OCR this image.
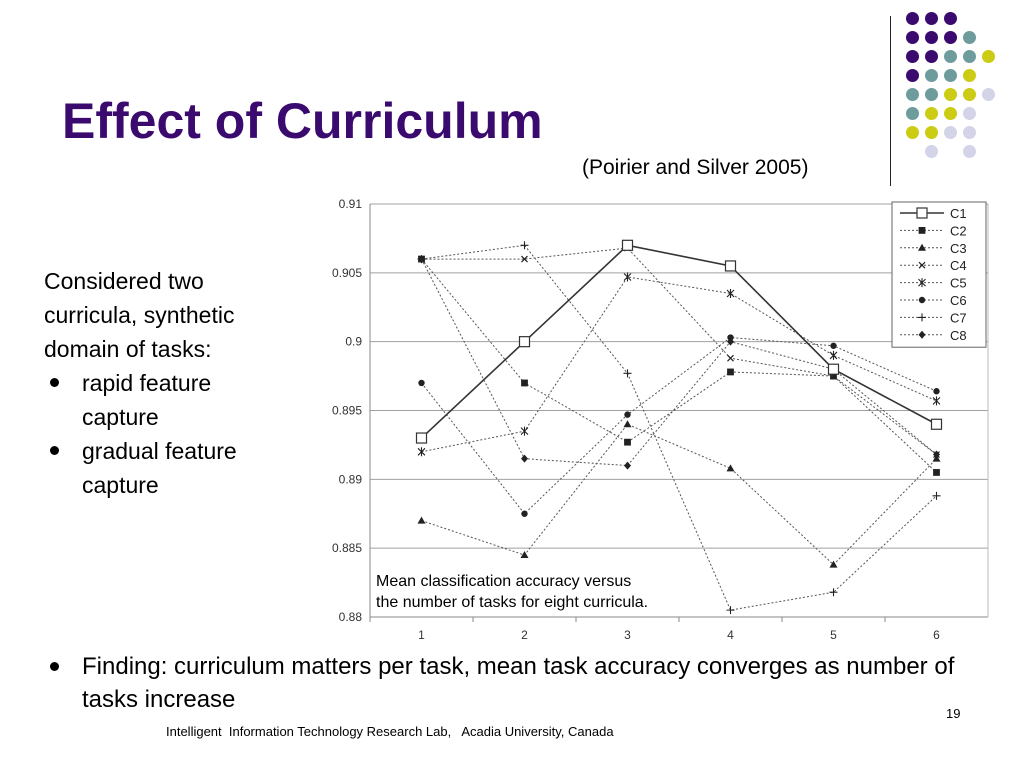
Effect of Curriculum
(Poirier and Silver 2005)
Considered two curricula, synthetic domain of tasks:
rapid feature capture
gradual feature capture
0.88
0.885
0.89
0.895
0.9
0.905
0.91
1	2	3	4	5	6
Mean classification accuracy versus
the number of tasks for eight curricula.
C1
C2
C3
C4
C5
C6
C7
C8
Finding: curriculum matters per task, mean task accuracy converges as number of tasks increase
Intelligent  Information Technology Research Lab,   Acadia University, Canada
19
